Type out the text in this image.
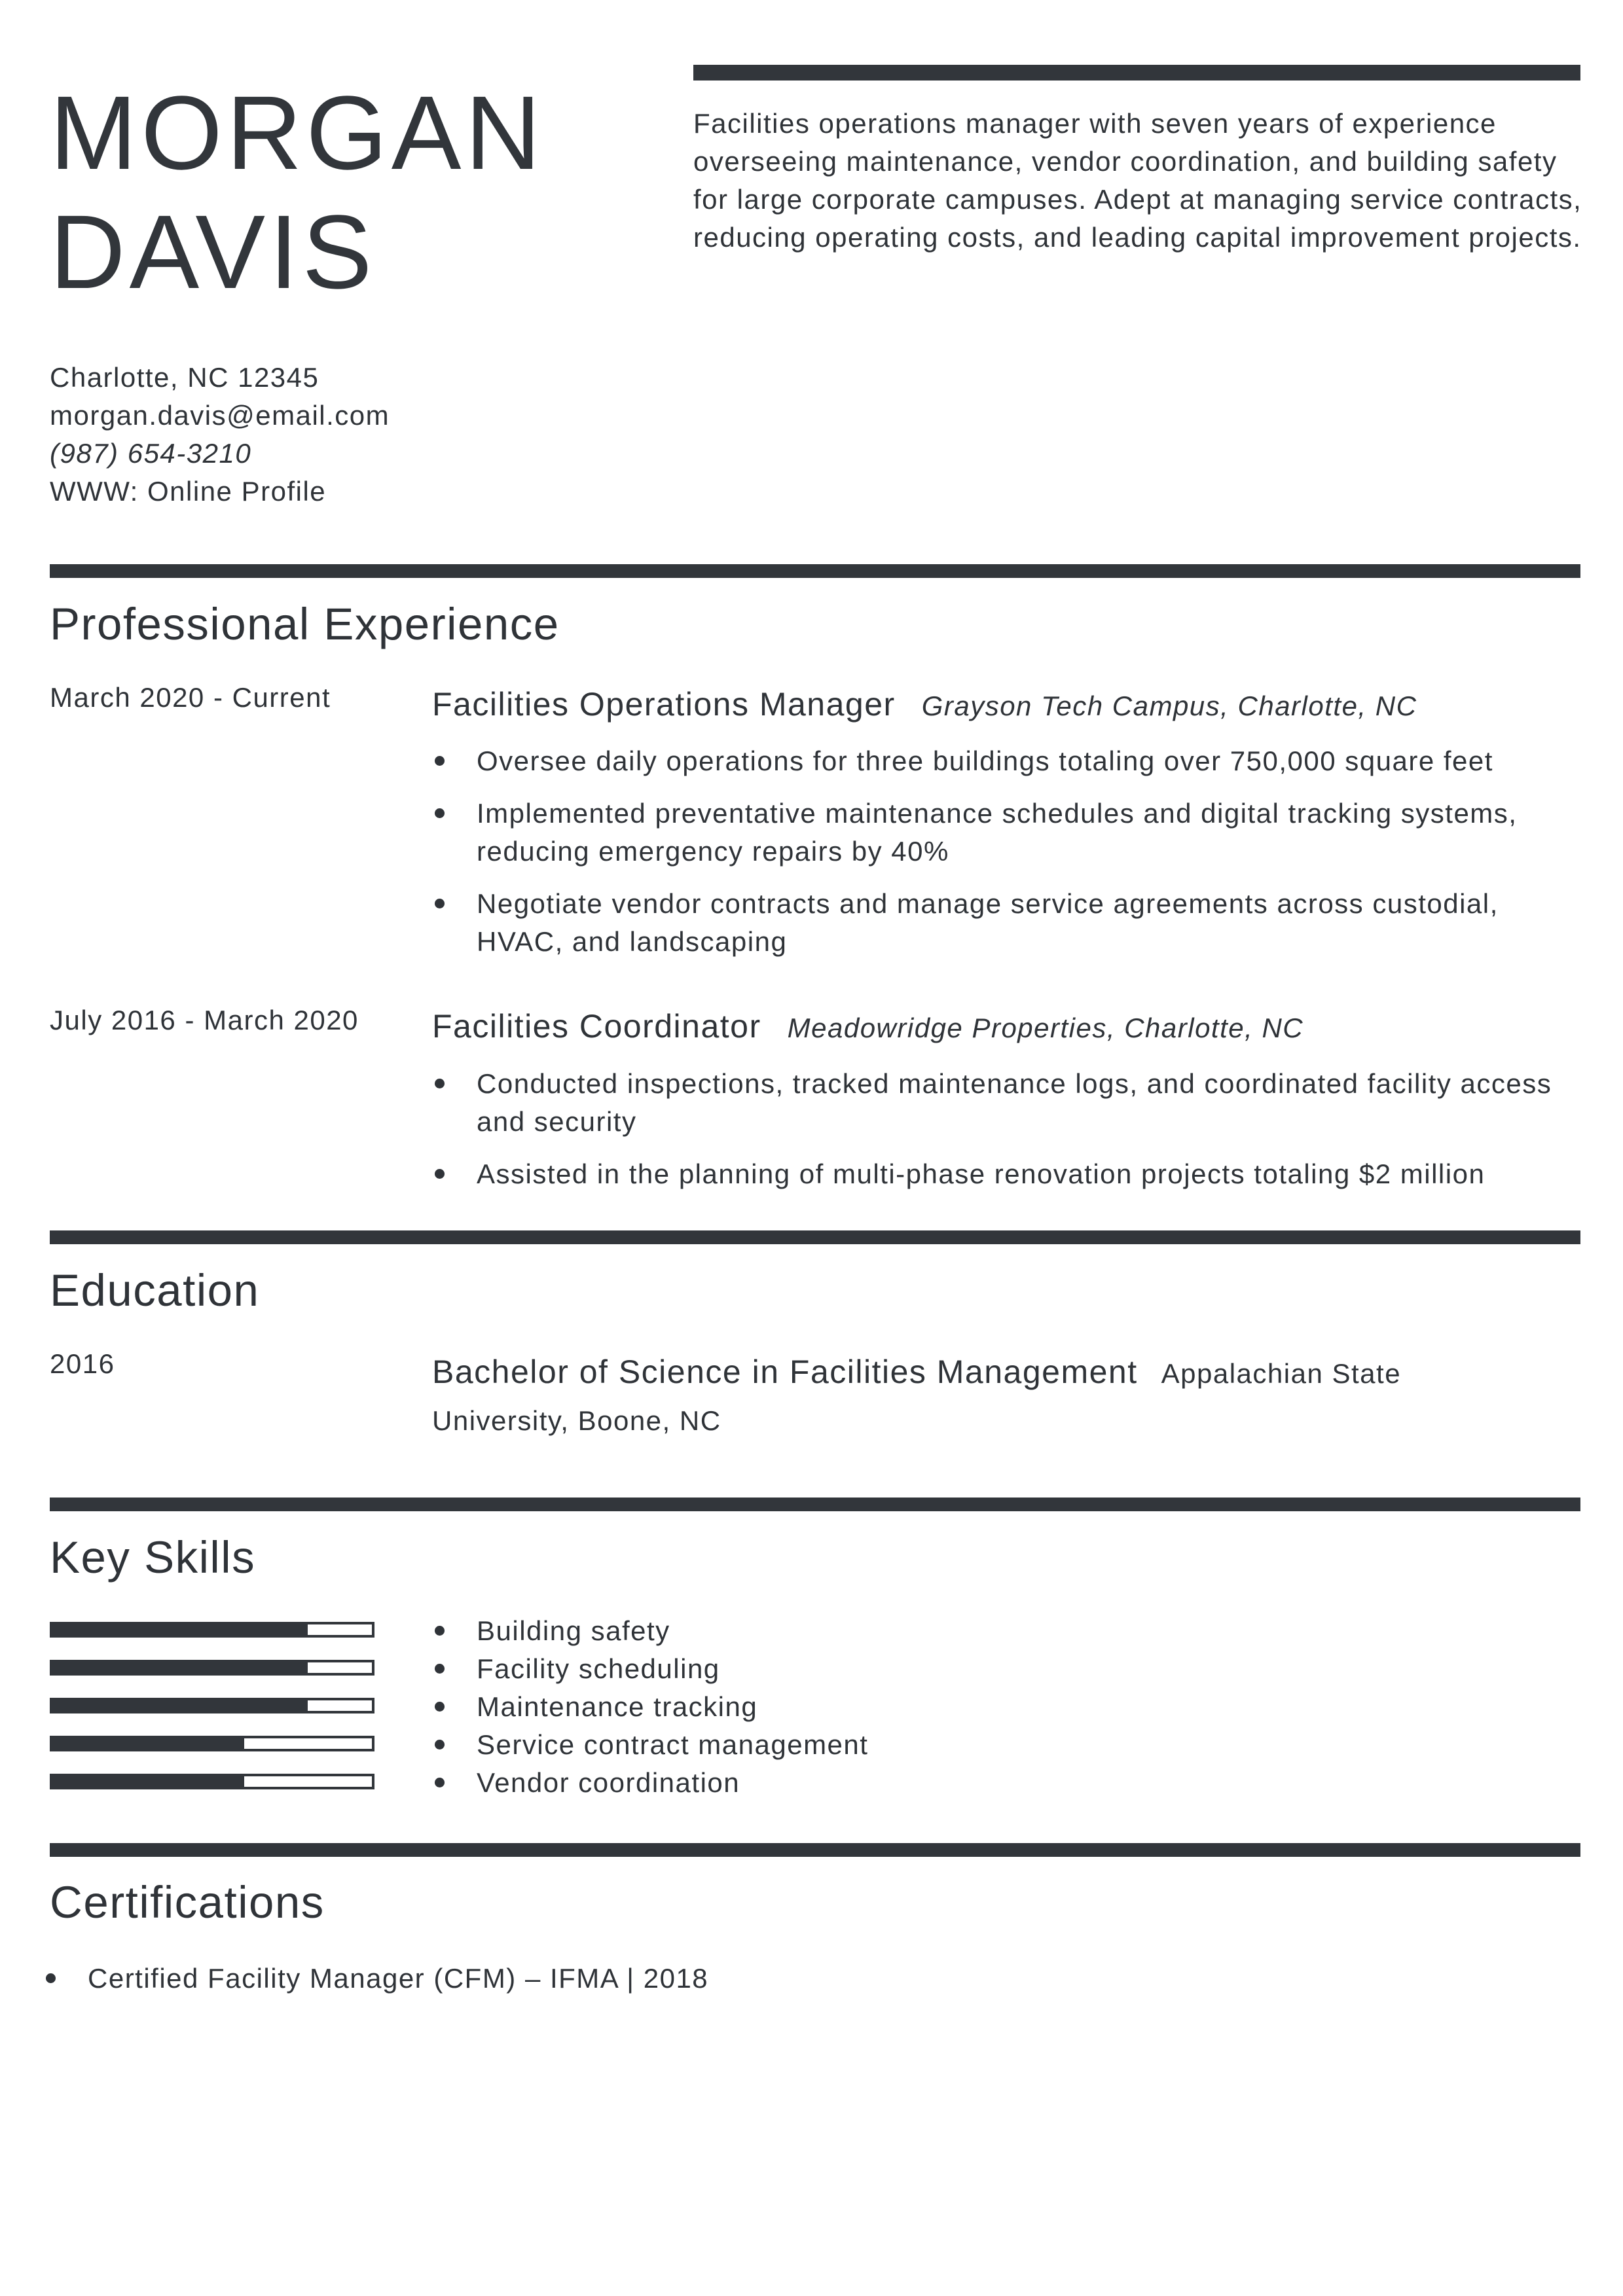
MORGAN
DAVIS

Facilities operations manager with seven years of experience overseeing maintenance, vendor coordination, and building safety for large corporate campuses. Adept at managing service contracts, reducing operating costs, and leading capital improvement projects.

Charlotte, NC 12345
morgan.davis@email.com
(987) 654-3210
WWW: Online Profile
Professional Experience
March 2020 - Current	Facilities Operations Manager Grayson Tech Campus, Charlotte, NC
Oversee daily operations for three buildings totaling over 750,000 square feet
Implemented preventative maintenance schedules and digital tracking systems, reducing emergency repairs by 40%
Negotiate vendor contracts and manage service agreements across custodial, HVAC, and landscaping
July 2016 - March 2020 Facilities Coordinator Meadowridge Properties, Charlotte, NC
Conducted inspections, tracked maintenance logs, and coordinated facility access and security
Assisted in the planning of multi-phase renovation projects totaling $2 million
Education
2016	Bachelor of Science in Facilities Management Appalachian State University, Boone, NC
Key Skills
Building safety
Facility scheduling
Maintenance tracking
Service contract management
Vendor coordination
Certifications
Certified Facility Manager (CFM) – IFMA | 2018
